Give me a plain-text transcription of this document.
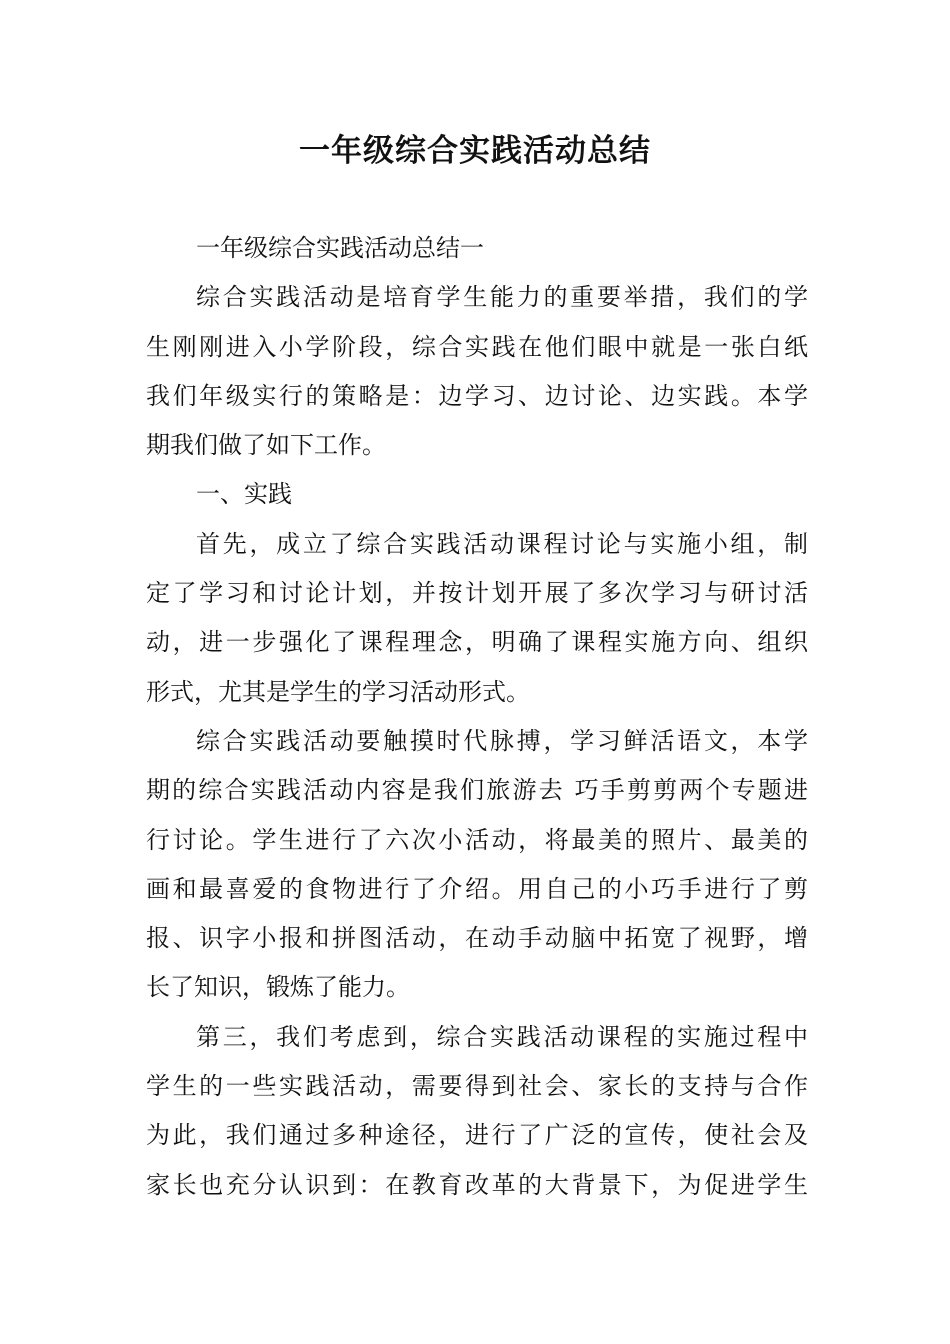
一年级综合实践活动总结
一年级综合实践活动总结一
综合实践活动是培育学生能力的重要举措，我们的学
生刚刚进入小学阶段，综合实践在他们眼中就是一张白纸
我们年级实行的策略是：边学习、边讨论、边实践。本学
期我们做了如下工作。
一、实践
首先，成立了综合实践活动课程讨论与实施小组，制
定了学习和讨论计划，并按计划开展了多次学习与研讨活
动，进一步强化了课程理念，明确了课程实施方向、组织
形式，尤其是学生的学习活动形式。
综合实践活动要触摸时代脉搏，学习鲜活语文，本学
期的综合实践活动内容是我们旅游去 巧手剪剪两个专题进
行讨论。学生进行了六次小活动，将最美的照片、最美的
画和最喜爱的食物进行了介绍。用自己的小巧手进行了剪
报、识字小报和拼图活动，在动手动脑中拓宽了视野，增
长了知识，锻炼了能力。
第三，我们考虑到，综合实践活动课程的实施过程中
学生的一些实践活动，需要得到社会、家长的支持与合作
为此，我们通过多种途径，进行了广泛的宣传，使社会及
家长也充分认识到：在教育改革的大背景下，为促进学生
